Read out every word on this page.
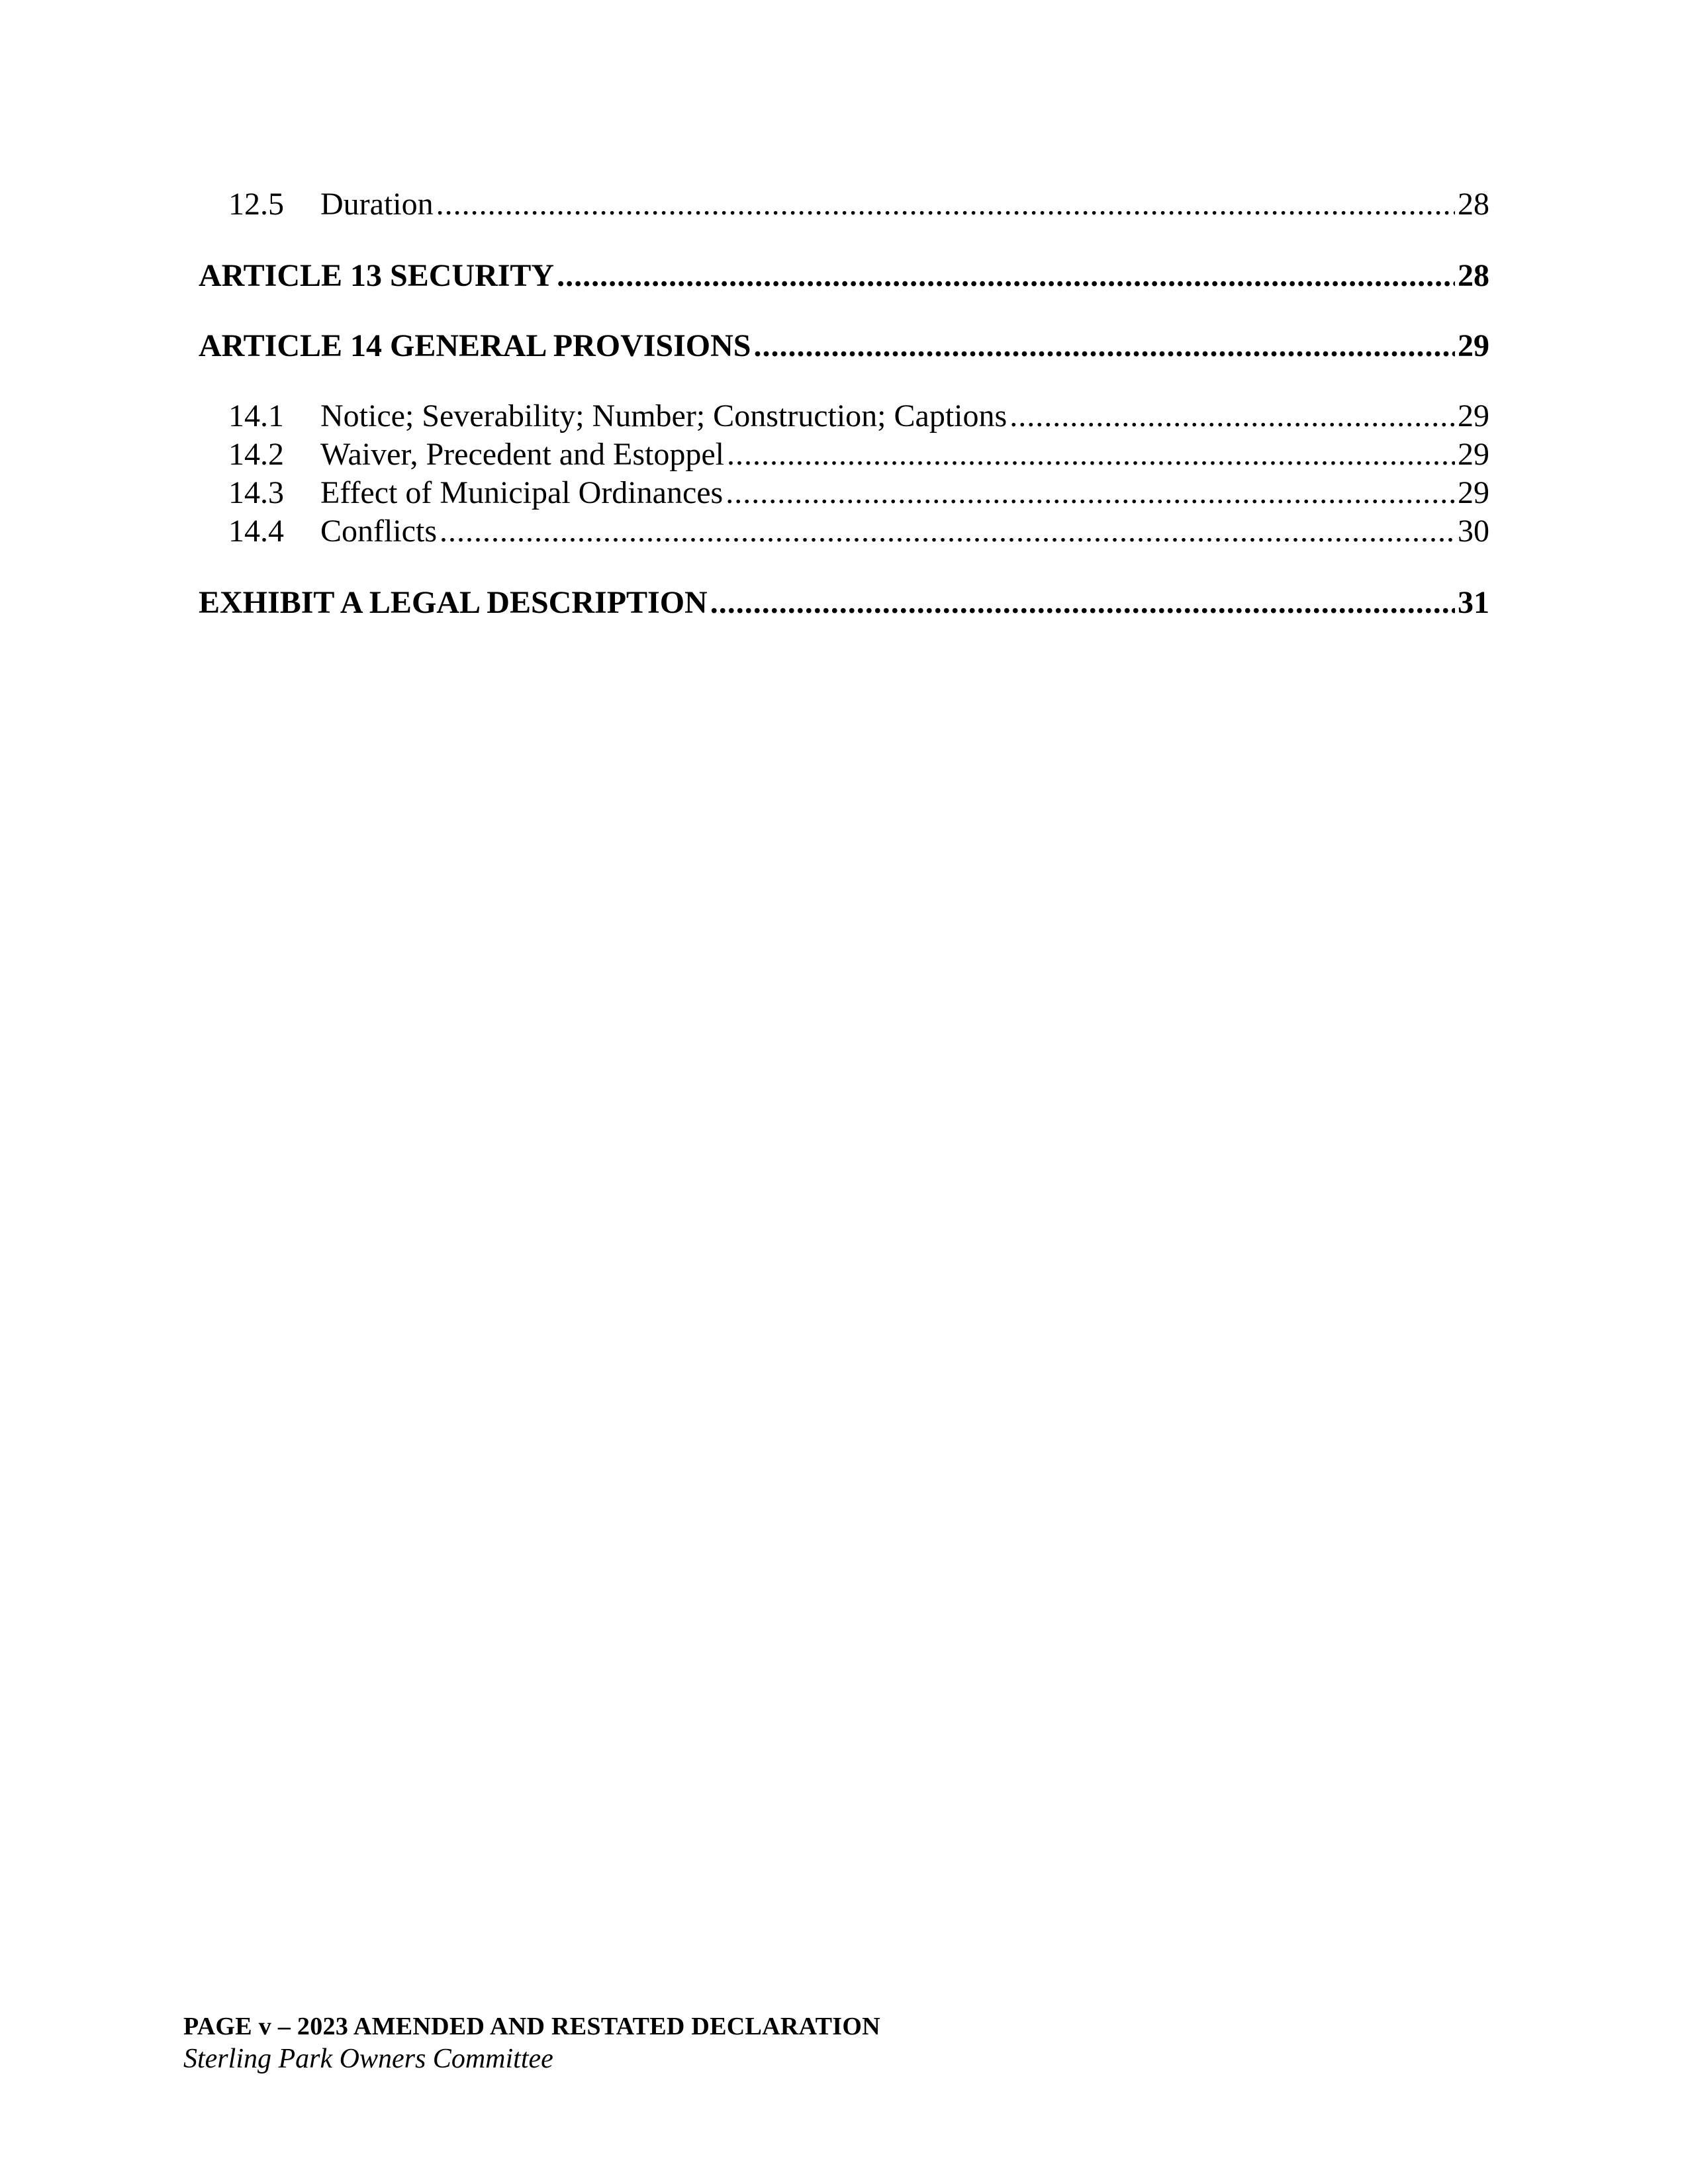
12.5	Duration .....	28
ARTICLE 13 SECURITY .....	28
ARTICLE 14 GENERAL PROVISIONS .....	29
14.1	Notice; Severability; Number; Construction; Captions .....	29
14.2	Waiver, Precedent and Estoppel .....	29
14.3	Effect of Municipal Ordinances .....	29
14.4	Conflicts .....	30
EXHIBIT A LEGAL DESCRIPTION .....	31
PAGE v – 2023 AMENDED AND RESTATED DECLARATION
Sterling Park Owners Committee
